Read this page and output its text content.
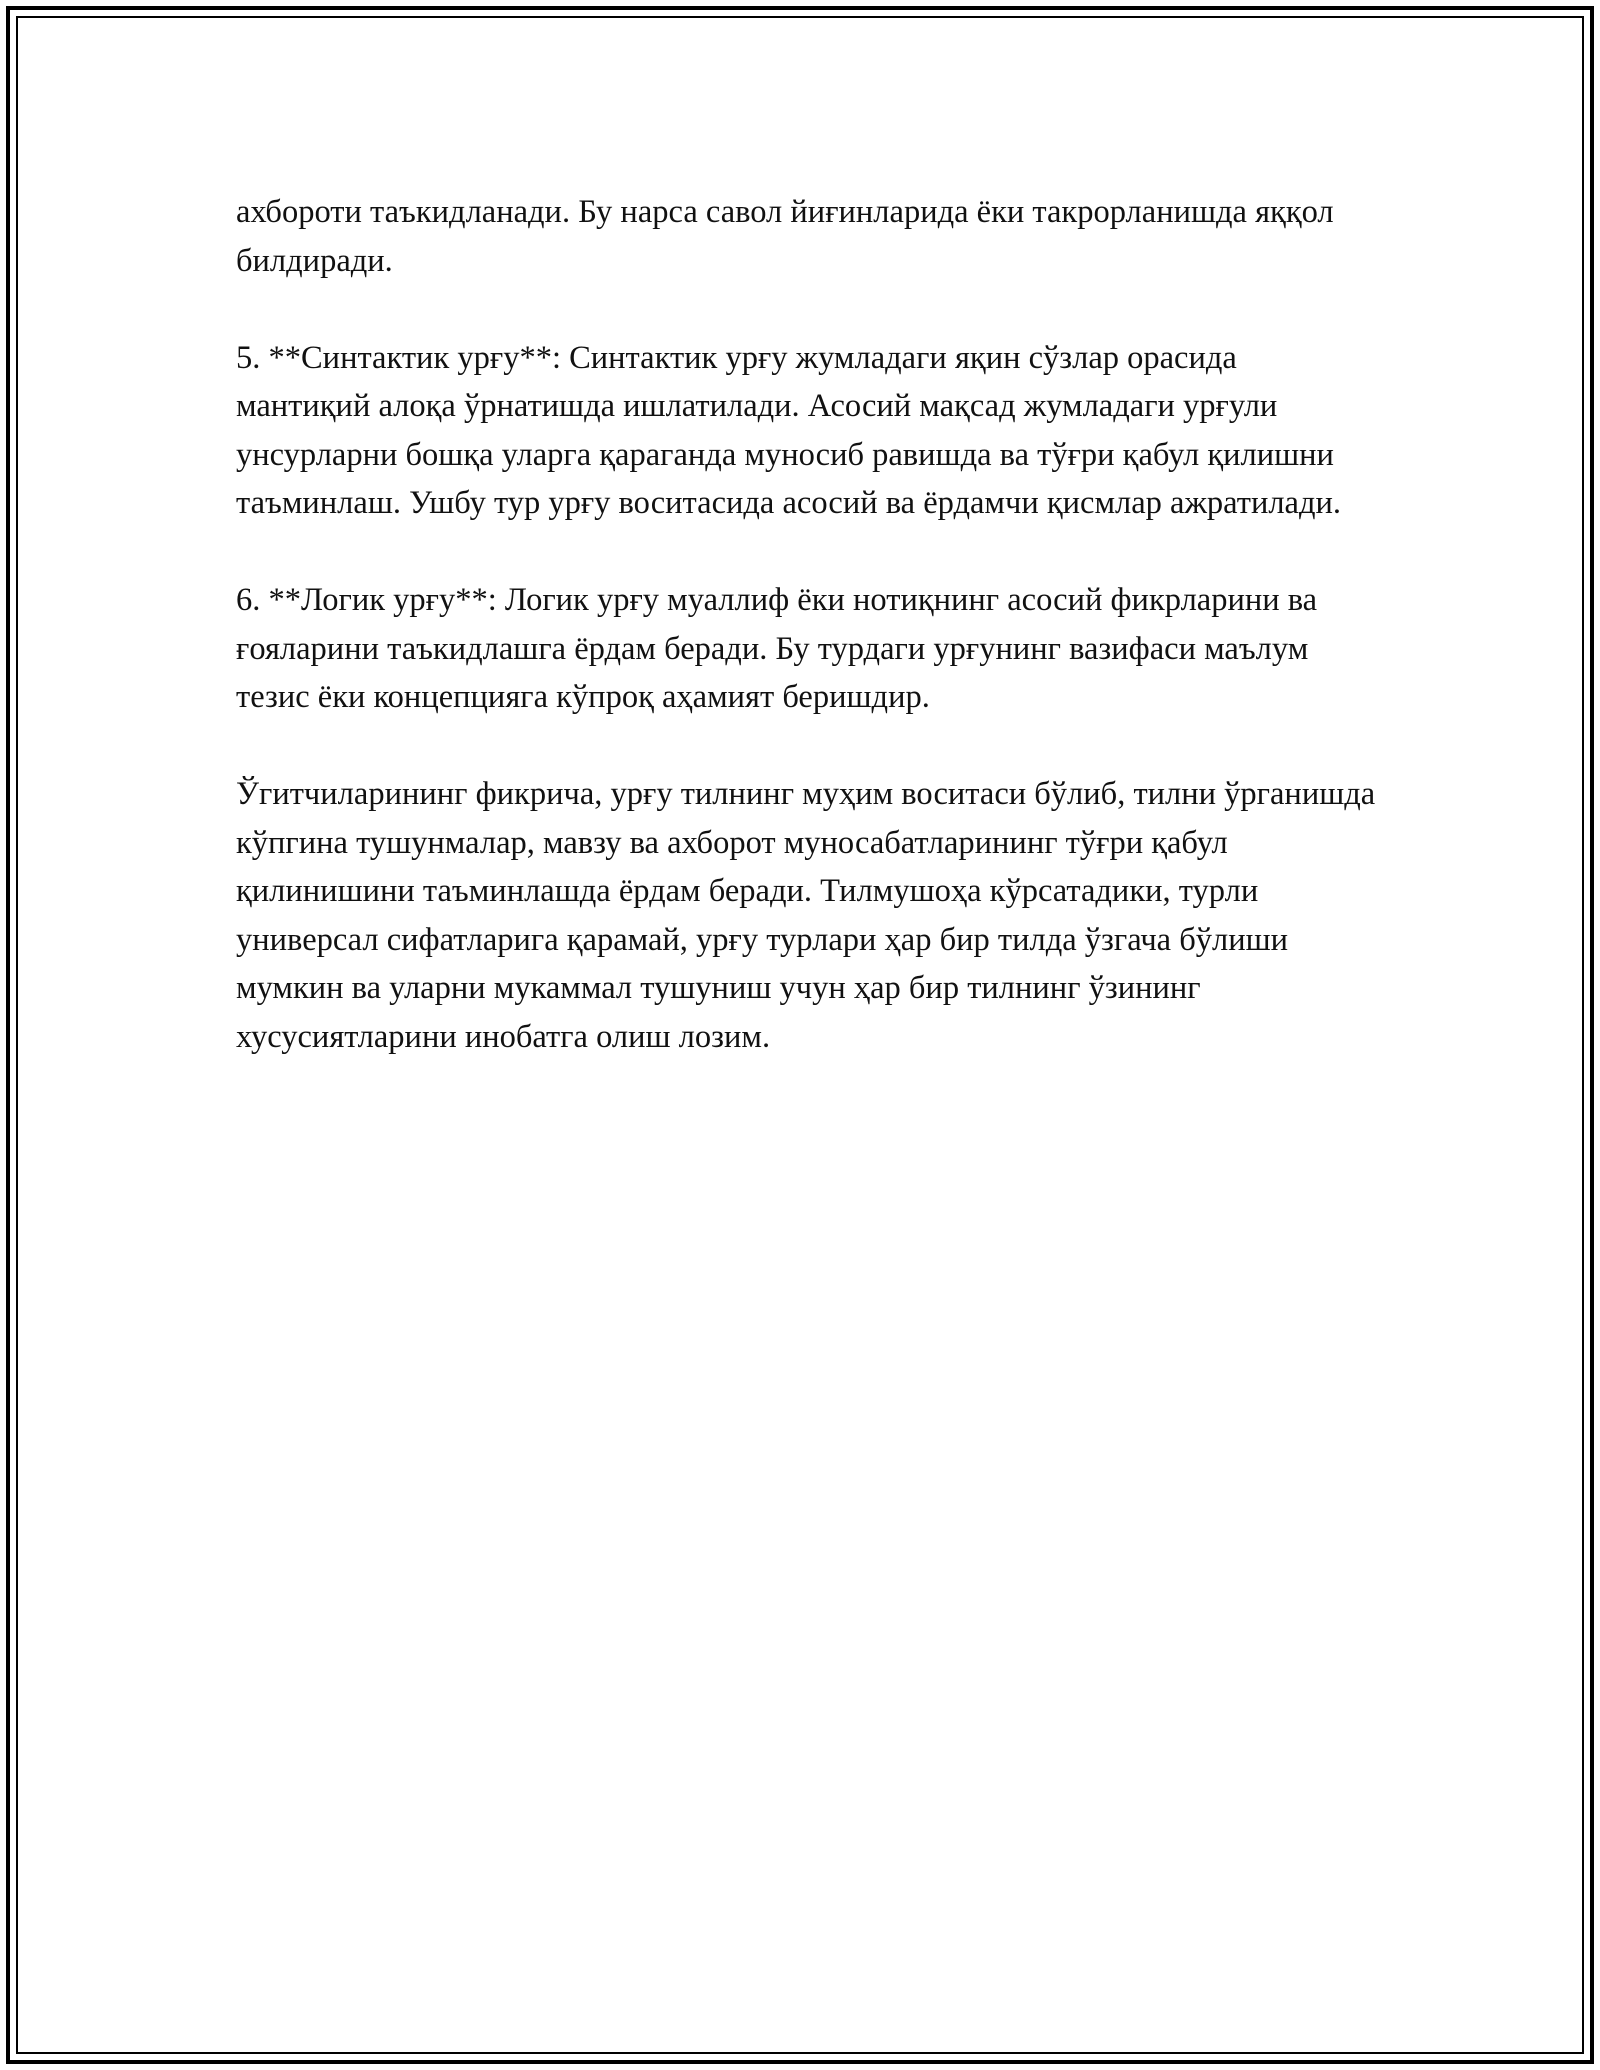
ахбороти таъкидланади. Бу нарса савол йиғинларида ёки такрорланишда яққол билдиради.

5. **Синтактик урғу**: Синтактик урғу жумладаги яқин сўзлар орасида мантиқий алоқа ўрнатишда ишлатилади. Асосий мақсад жумладаги урғули унсурларни бошқа уларга қараганда муносиб равишда ва тўғри қабул қилишни таъминлаш. Ушбу тур урғу воситасида асосий ва ёрдамчи қисмлар ажратилади.

6. **Логик урғу**: Логик урғу муаллиф ёки нотиқнинг асосий фикрларини ва ғояларини таъкидлашга ёрдам беради. Бу турдаги урғунинг вазифаси маълум тезис ёки концепцияга кўпроқ аҳамият беришдир.

Ўгитчиларининг фикрича, урғу тилнинг муҳим воситаси бўлиб, тилни ўрганишда кўпгина тушунмалар, мавзу ва ахборот муносабатларининг тўғри қабул қилинишини таъминлашда ёрдам беради. Тилмушоҳа кўрсатадики, турли универсал сифатларига қарамай, урғу турлари ҳар бир тилда ўзгача бўлиши мумкин ва уларни мукаммал тушуниш учун ҳар бир тилнинг ўзининг хусусиятларини инобатга олиш лозим.
